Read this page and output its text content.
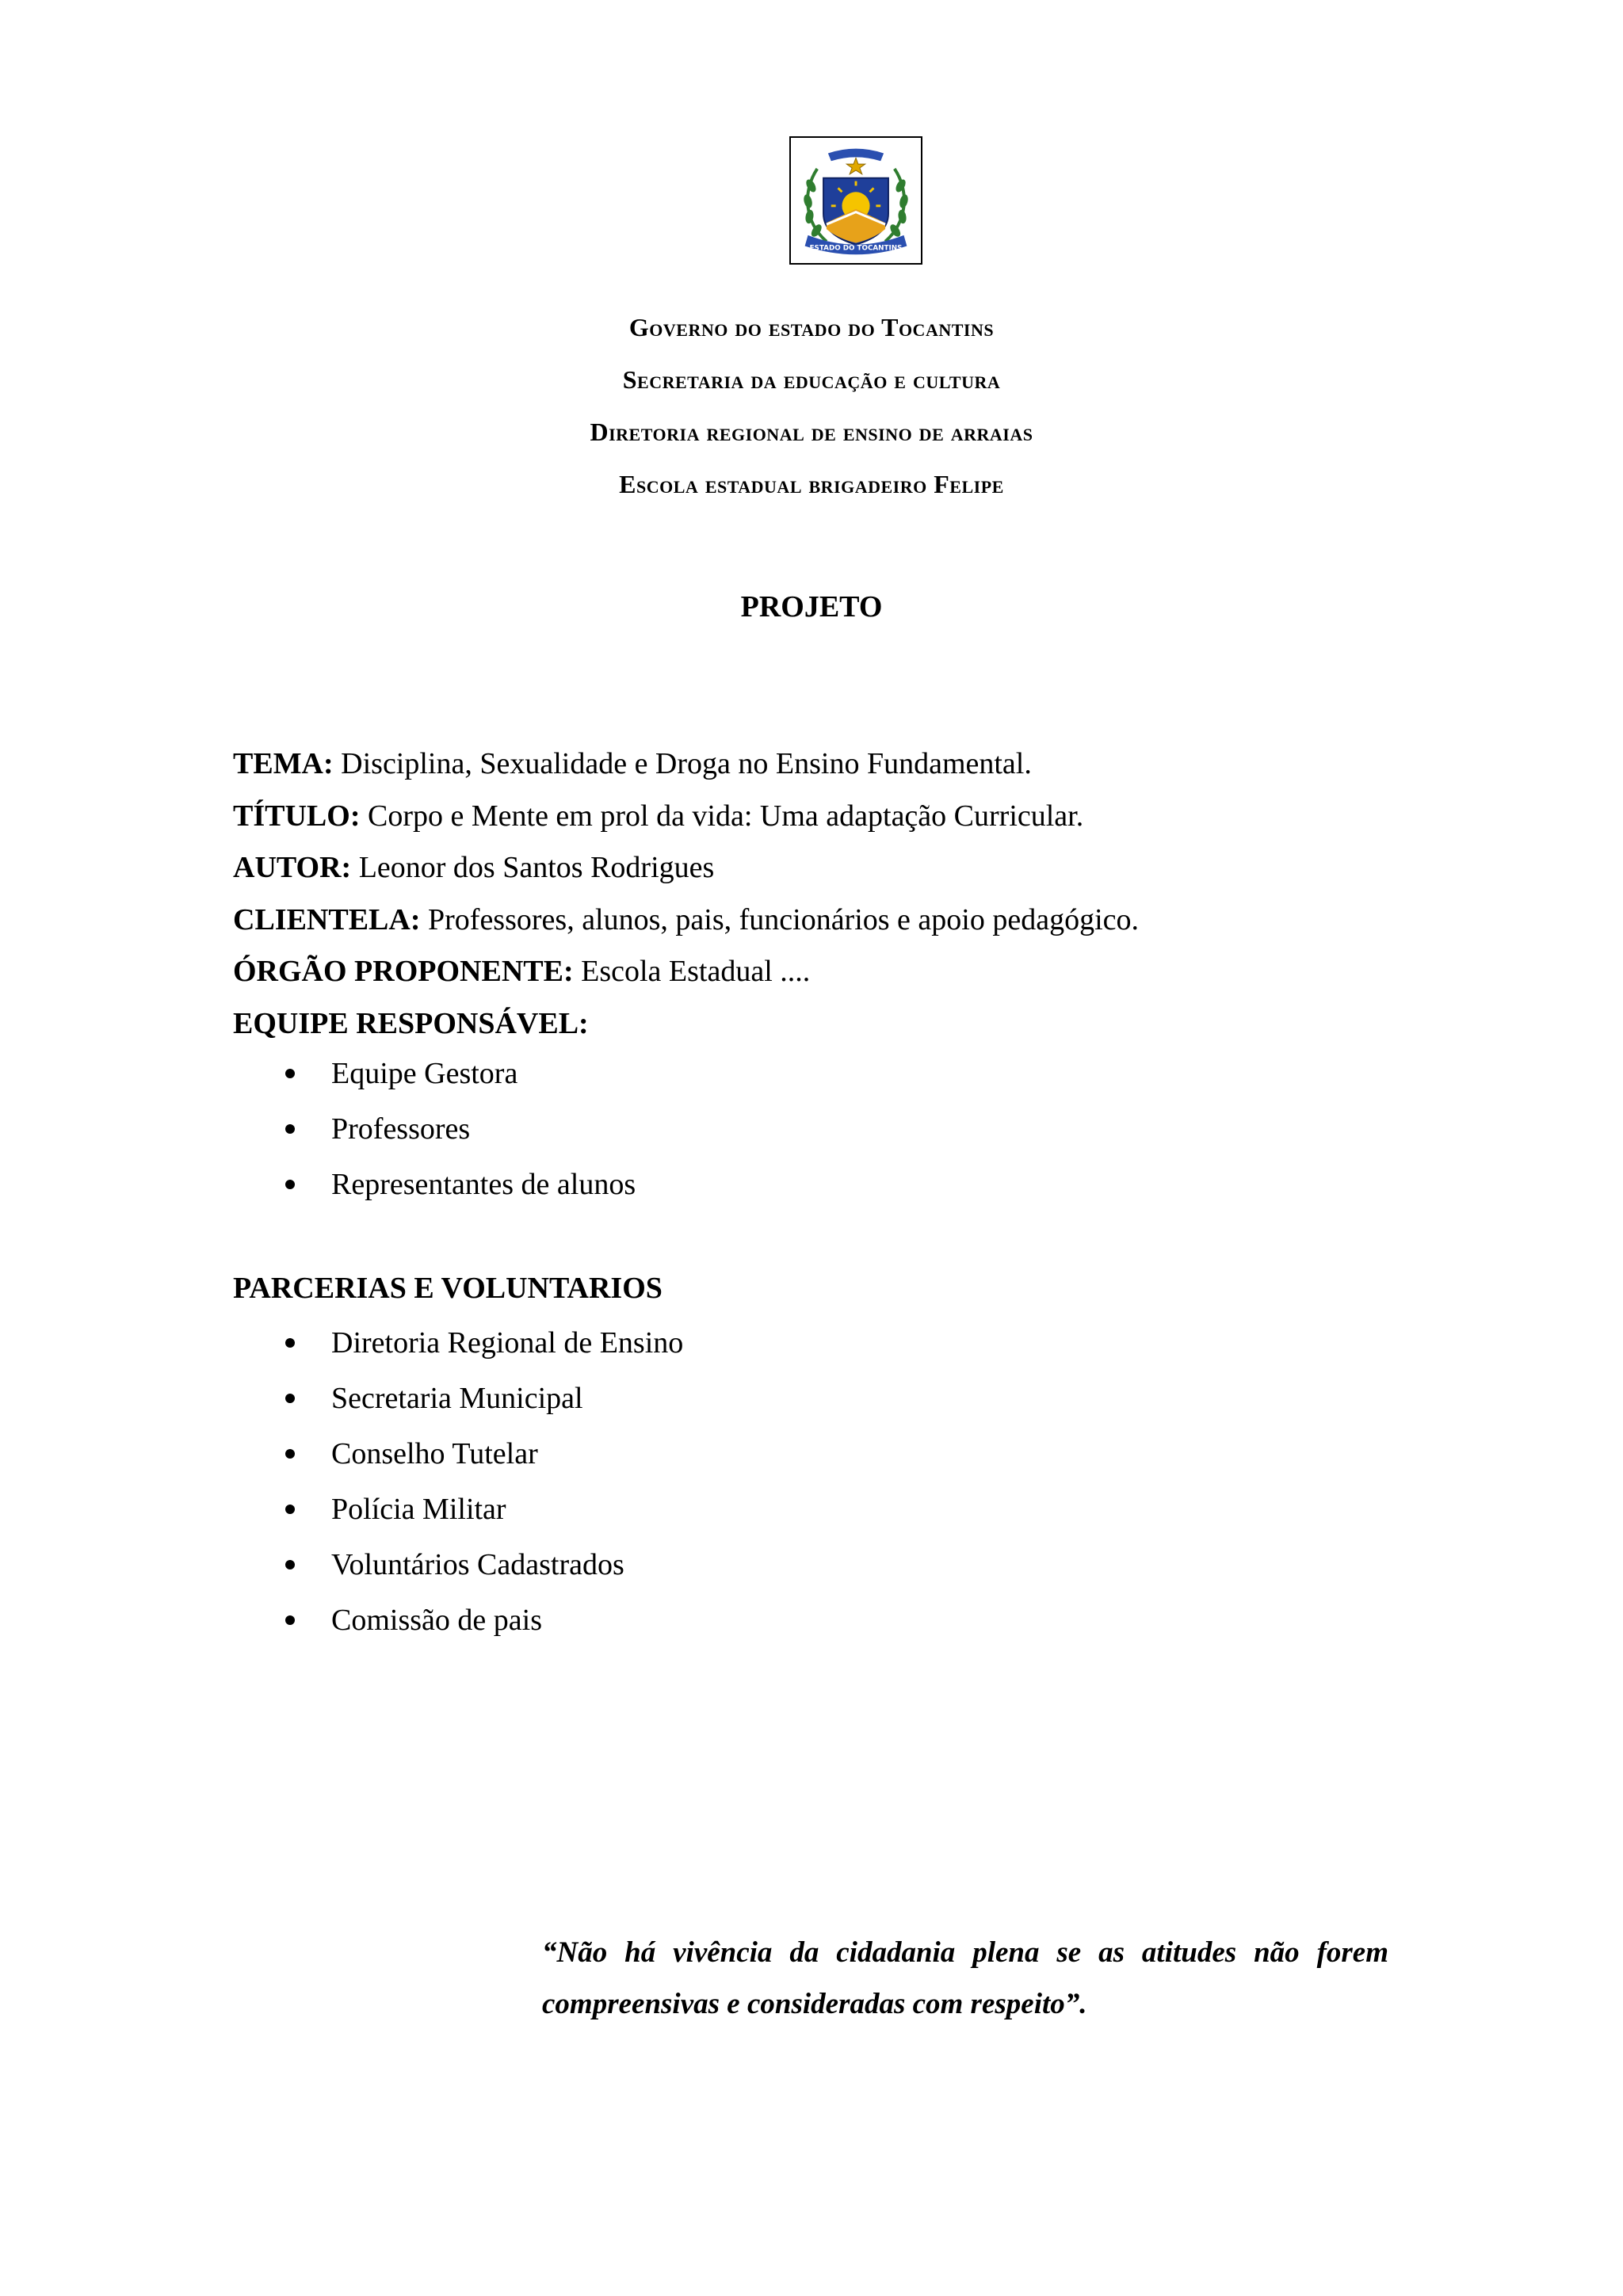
ESTADO DO TOCANTINS
Governo do estado do Tocantins
Secretaria da educação e cultura
Diretoria regional de ensino de arraias
Escola estadual brigadeiro Felipe
PROJETO
TEMA: Disciplina, Sexualidade e Droga no Ensino Fundamental.
TÍTULO: Corpo e Mente em prol da vida: Uma adaptação Curricular.
AUTOR: Leonor dos Santos Rodrigues
CLIENTELA: Professores, alunos, pais, funcionários e apoio pedagógico.
ÓRGÃO PROPONENTE: Escola Estadual ....
EQUIPE RESPONSÁVEL:
Equipe Gestora
Professores
Representantes de alunos
PARCERIAS E VOLUNTARIOS
Diretoria Regional de Ensino
Secretaria Municipal
Conselho Tutelar
Polícia Militar
Voluntários Cadastrados
Comissão de pais
“Não há vivência da cidadania plena se as atitudes não forem compreensivas e consideradas com respeito”.
